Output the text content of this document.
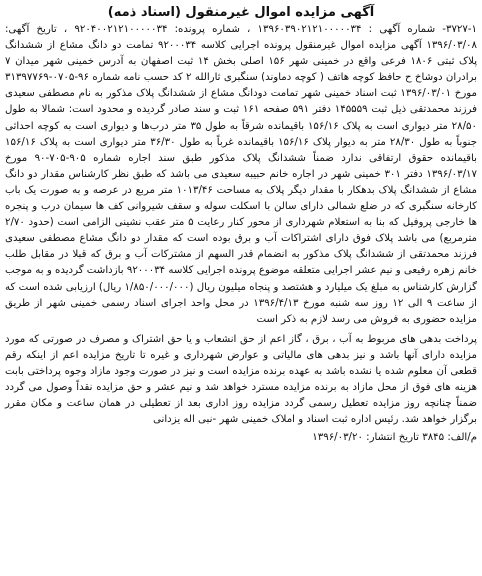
آگهی مزایده اموال غیرمنقول (اسناد ذمه)

۳۷۲۷-۱- شماره آگهی : ۱۳۹۶۰۳۹۰۲۱۲۱۰۰۰۰۰۳۴ ، شماره پرونده: ۹۲۰۴۰۰۲۱۲۱۰۰۰۰۰۳۴ ، تاریخ آگهی: ۱۳۹۶/۰۳/۰۸ آگهی مزایده اموال غیرمنقول پرونده اجرایی کلاسه ۹۲۰۰۰۳۴ تمامت دو دانگ مشاع از ششدانگ پلاک ثبتی ۱۸۰۶ فرعی واقع در خمینی شهر ۱۵۶ اصلی بخش ۱۴ ثبت اصفهان به آدرس خمینی شهر میدان ۷ برادران دوشاخ ح حافظ کوچه هاتف ( کوچه دماوند) سنگبری ثارالله ۲ کد حسب نامه شماره ۹۶-۰۷۰۵-۳۱۳۹۷۷۶۹ مورخ ۱۳۹۶/۰۳/۰۱ ثبت اسناد خمینی شهر تمامت دودانگ مشاع از ششدانگ پلاک مذکور به نام مصطفی سعیدی فرزند محمدتقی ذیل ثبت ۱۴۵۵۵۹ دفتر ۵۹۱ صفحه ۱۶۱ ثبت و سند صادر گردیده و محدود است: شمالا به طول ۲۸/۵۰ متر دیواری است به پلاک ۱۵۶/۱۶ باقیمانده شرقاً به طول ۳۵ متر درب‌ها و دیواری است به کوچه احداثی جنوباً به طول ۲۸/۳۰ متر به دیوار پلاک ۱۵۶/۱۶ باقیمانده غرباً به طول ۳۶/۳۰ متر دیواری است به پلاک ۱۵۶/۱۶ باقیمانده حقوق ارتفاقی ندارد ضمناً ششدانگ پلاک مذکور طبق سند اجاره شماره ۹۰۵-۷۰۵-۹۰ مورخ ۱۳۹۶/۰۳/۱۷ دفتر ۳۰۱ خمینی شهر در اجاره خانم حبیبه سعیدی می باشد که طبق نظر کارشناس مقدار دو دانگ مشاع از ششدانگ پلاک بدهکار با مقدار دیگر پلاک به مساحت ۱۰۱۳/۴۶ متر مربع در عرصه و به صورت یک باب کارخانه سنگبری که در ضلع شمالی دارای سالن با اسکلت سوله و سقف شیروانی کف ها سیمان درب و پنجره ها خارجی پروفیل که بنا به استعلام شهرداری از محور کنار رعایت ۵ متر عقب نشینی الزامی است (حدود ۲/۷۰ مترمربع) می باشد پلاک فوق دارای اشتراکات آب و برق بوده است که مقدار دو دانگ مشاع مصطفی سعیدی فرزند محمدتقی از ششدانگ پلاک مذکور به انضمام قدر السهم از مشترکات آب و برق که قبلا در مقابل طلب خانم زهره رفیعی و نیم عشر اجرایی متعلقه موضوع پرونده اجرایی کلاسه ۹۲۰۰۰۳۴ بازداشت گردیده و به موجب گزارش کارشناس به مبلغ یک میلیارد و هشتصد و پنجاه میلیون ریال (۱/۸۵۰/۰۰۰/۰۰۰ ریال) ارزیابی شده است که از ساعت ۹ الی ۱۲ روز سه شنبه مورخ ۱۳۹۶/۴/۱۳ در محل واحد اجرای اسناد رسمی خمینی شهر از طریق مزایده حضوری به فروش می رسد لازم به ذکر است

پرداخت بدهی های مربوط به آب ، برق ، گاز اعم از حق انشعاب و یا حق اشتراک و مصرف در صورتی که مورد مزایده دارای آنها باشد و نیز بدهی های مالیاتی و عوارض شهرداری و غیره تا تاریخ مزایده اعم از اینکه رقم قطعی آن معلوم شده یا نشده باشد به عهده برنده مزایده است و نیز در صورت وجود مازاد وجوه پرداختی بابت هزینه های فوق از محل مازاد به برنده مزایده مسترد خواهد شد و نیم عشر و حق مزایده نقداً وصول می گردد ضمناً چنانچه روز مزایده تعطیل رسمی گردد مزایده روز اداری بعد از تعطیلی در همان ساعت و مکان مقرر برگزار خواهد شد. رئیس اداره ثبت اسناد و املاک خمینی شهر -نبی اله یزدانی

م/الف: ۳۸۴۵ تاریخ انتشار: ۱۳۹۶/۰۳/۲۰
